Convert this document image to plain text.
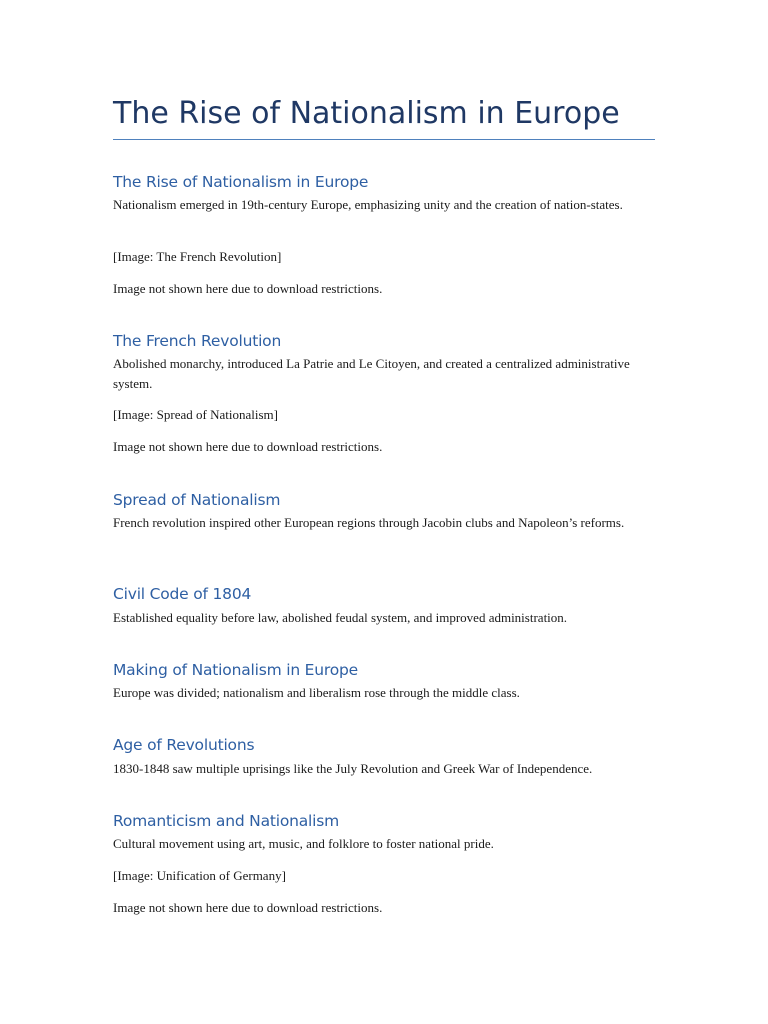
The Rise of Nationalism in Europe
The Rise of Nationalism in Europe
Nationalism emerged in 19th-century Europe, emphasizing unity and the creation of nation-states.
[Image: The French Revolution]
Image not shown here due to download restrictions.
The French Revolution
Abolished monarchy, introduced La Patrie and Le Citoyen, and created a centralized administrative system.
[Image: Spread of Nationalism]
Image not shown here due to download restrictions.
Spread of Nationalism
French revolution inspired other European regions through Jacobin clubs and Napoleon’s reforms.
Civil Code of 1804
Established equality before law, abolished feudal system, and improved administration.
Making of Nationalism in Europe
Europe was divided; nationalism and liberalism rose through the middle class.
Age of Revolutions
1830-1848 saw multiple uprisings like the July Revolution and Greek War of Independence.
Romanticism and Nationalism
Cultural movement using art, music, and folklore to foster national pride.
[Image: Unification of Germany]
Image not shown here due to download restrictions.
